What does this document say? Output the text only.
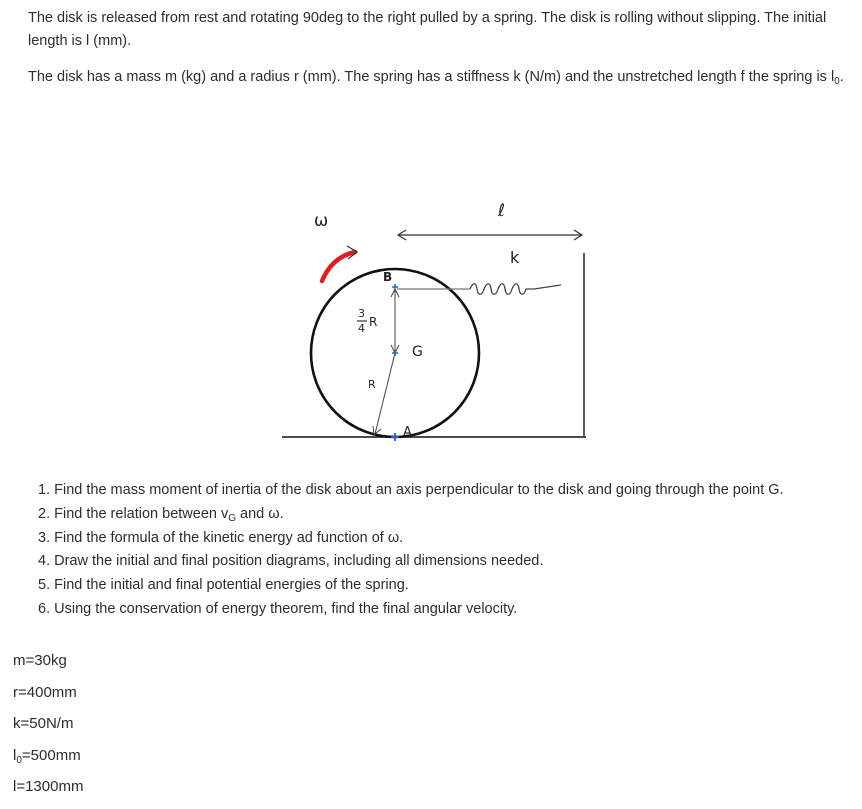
The disk is released from rest and rotating 90deg to the right pulled by a spring. The disk is rolling without slipping. The initial length is l (mm).
The disk has a mass m (kg) and a radius r (mm). The spring has a stiffness k (N/m) and the unstretched length f the spring is $l_0$.
ω	ℓ
k
B
G
A
3
4 R
R
1. Find the mass moment of inertia of the disk about an axis perpendicular to the disk and going through the point G.
2. Find the relation between $v_G$ and ω.
3. Find the formula of the kinetic energy ad function of ω.
4. Draw the initial and final position diagrams, including all dimensions needed.
5. Find the initial and final potential energies of the spring.
6. Using the conservation of energy theorem, find the final angular velocity.
m=30kg
r=400mm
k=50N/m
$l_0=500mm$
l=1300mm
